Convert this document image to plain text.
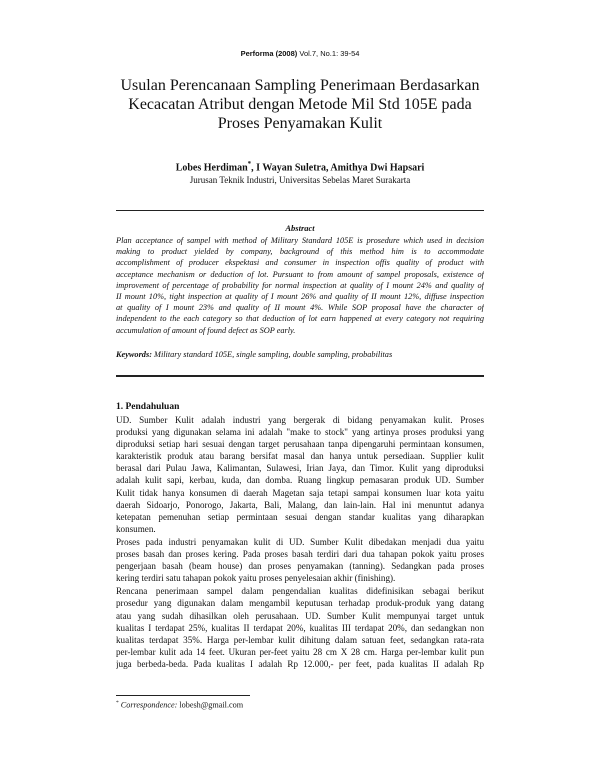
Performa (2008) Vol.7, No.1: 39-54
Usulan Perencanaan Sampling Penerimaan Berdasarkan
Kecacatan Atribut dengan Metode Mil Std 105E pada
Proses Penyamakan Kulit
Lobes Herdiman*, I Wayan Suletra, Amithya Dwi Hapsari
Jurusan Teknik Industri, Universitas Sebelas Maret Surakarta
Abstract
Plan acceptance of sampel with method of Military Standard 105E is prosedure which used in decision
making to product yielded by company, background of this method him is to accommodate
accomplishment of producer ekspektasi and consumer in inspection offis quality of product with
acceptance mechanism or deduction of lot. Pursuant to from amount of sampel proposals, existence of
improvement of percentage of probability for normal inspection at quality of I mount 24% and quality of
II mount 10%, tight inspection at quality of I mount 26% and quality of II mount 12%, diffuse inspection
at quality of I mount 23% and quality of II mount 4%. While SOP proposal have the character of
independent to the each category so that deduction of lot earn happened at every category not requiring
accumulation of amount of found defect as SOP early.
Keywords: Military standard 105E, single sampling, double sampling, probabilitas
1. Pendahuluan
UD. Sumber Kulit adalah industri yang bergerak di bidang penyamakan kulit. Proses
produksi yang digunakan selama ini adalah "make to stock" yang artinya proses produksi yang
diproduksi setiap hari sesuai dengan target perusahaan tanpa dipengaruhi permintaan konsumen,
karakteristik produk atau barang bersifat masal dan hanya untuk persediaan. Supplier kulit
berasal dari Pulau Jawa, Kalimantan, Sulawesi, Irian Jaya, dan Timor. Kulit yang diproduksi
adalah kulit sapi, kerbau, kuda, dan domba. Ruang lingkup pemasaran produk UD. Sumber
Kulit tidak hanya konsumen di daerah Magetan saja tetapi sampai konsumen luar kota yaitu
daerah Sidoarjo, Ponorogo, Jakarta, Bali, Malang, dan lain-lain. Hal ini menuntut adanya
ketepatan pemenuhan setiap permintaan sesuai dengan standar kualitas yang diharapkan
konsumen.
Proses pada industri penyamakan kulit di UD. Sumber Kulit dibedakan menjadi dua yaitu
proses basah dan proses kering. Pada proses basah terdiri dari dua tahapan pokok yaitu proses
pengerjaan basah (beam house) dan proses penyamakan (tanning). Sedangkan pada proses
kering terdiri satu tahapan pokok yaitu proses penyelesaian akhir (finishing).
Rencana penerimaan sampel dalam pengendalian kualitas didefinisikan sebagai berikut
prosedur yang digunakan dalam mengambil keputusan terhadap produk-produk yang datang
atau yang sudah dihasilkan oleh perusahaan. UD. Sumber Kulit mempunyai target untuk
kualitas I terdapat 25%, kualitas II terdapat 20%, kualitas III terdapat 20%, dan sedangkan non
kualitas terdapat 35%. Harga per-lembar kulit dihitung dalam satuan feet, sedangkan rata-rata
per-lembar kulit ada 14 feet. Ukuran per-feet yaitu 28 cm X 28 cm. Harga per-lembar kulit pun
juga berbeda-beda. Pada kualitas I adalah Rp 12.000,- per feet, pada kualitas II adalah Rp
* Correspondence: lobesh@gmail.com
